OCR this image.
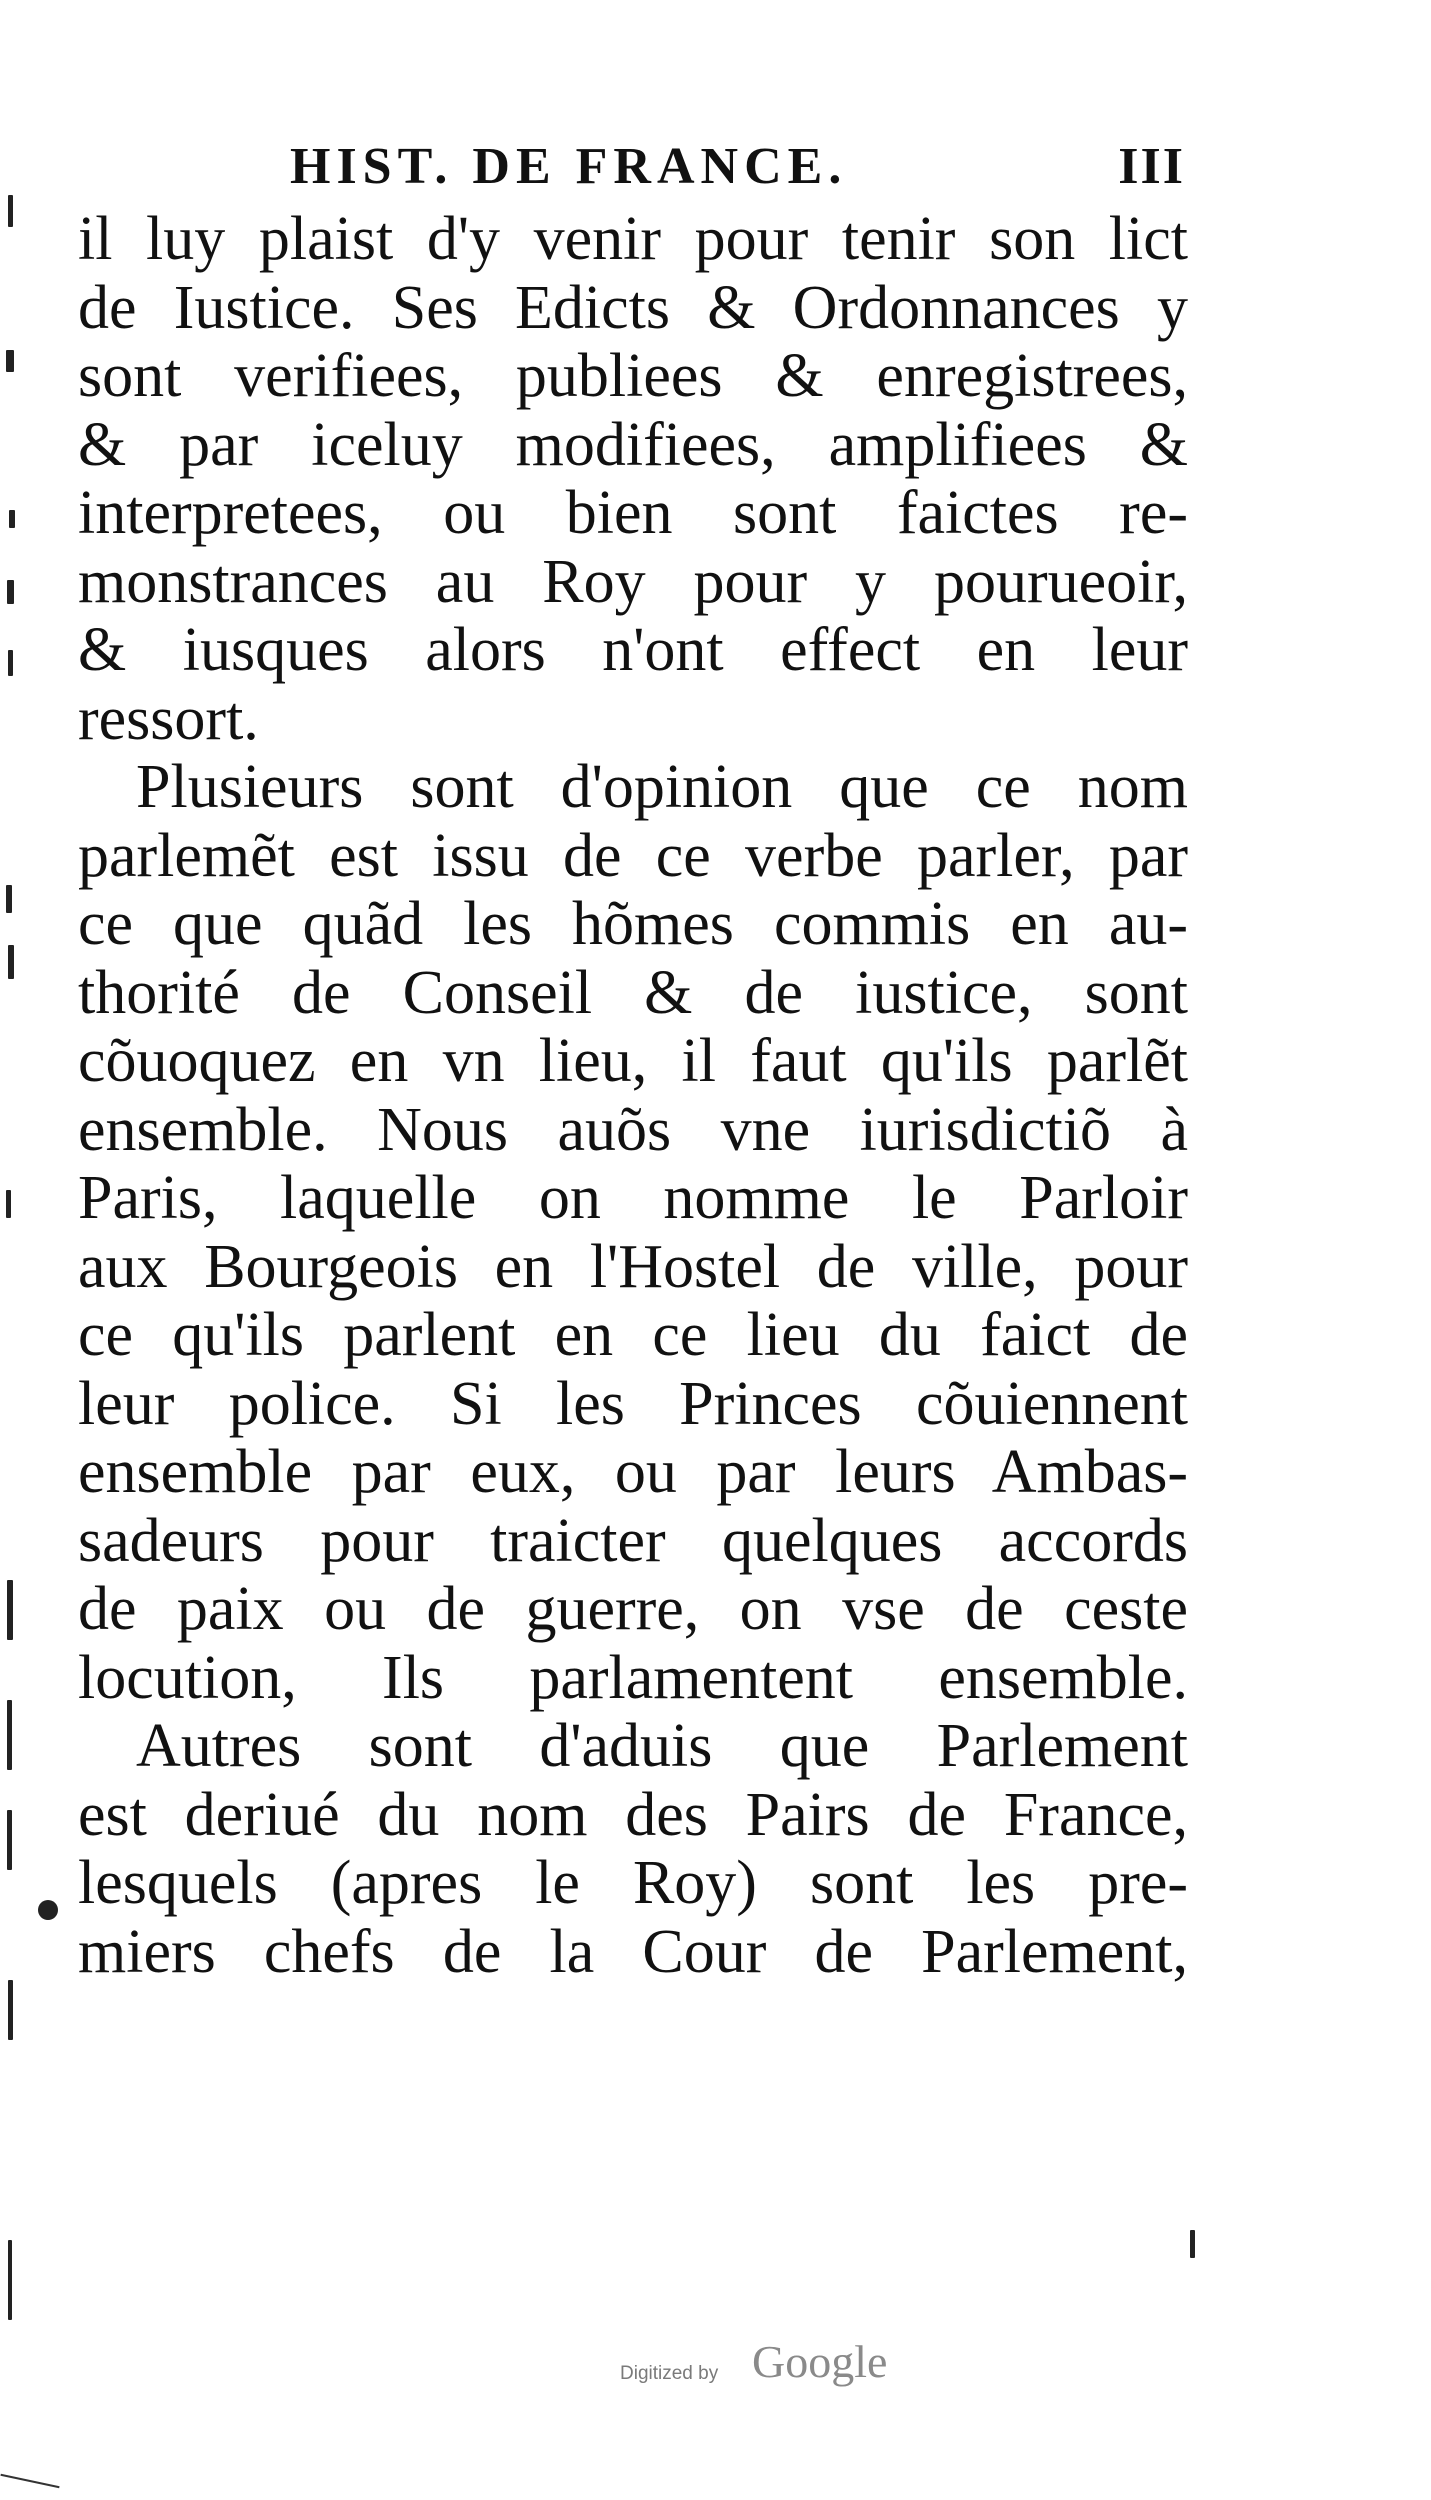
HIST. DE FRANCE.	III
il luy plaist d'y venir pour tenir son lict
de Iustice. Ses Edicts & Ordonnances y
sont verifiees, publiees & enregistrees,
& par iceluy modifiees, amplifiees &
interpretees, ou bien sont faictes re-
monstrances au Roy pour y pourueoir,
& iusques alors n'ont effect en leur
ressort.
Plusieurs sont d'opinion que ce nom
parlemẽt est issu de ce verbe parler, par
ce que quãd les hõmes commis en au-
thorité de Conseil & de iustice, sont
cõuoquez en vn lieu, il faut qu'ils parlẽt
ensemble. Nous auõs vne iurisdictiõ à
Paris, laquelle on nomme le Parloir
aux Bourgeois en l'Hostel de ville, pour
ce qu'ils parlent en ce lieu du faict de
leur police. Si les Princes cõuiennent
ensemble par eux, ou par leurs Ambas-
sadeurs pour traicter quelques accords
de paix ou de guerre, on vse de ceste
locution, Ils parlamentent ensemble.
Autres sont d'aduis que Parlement
est deriué du nom des Pairs de France,
lesquels (apres le Roy) sont les pre-
miers chefs de la Cour de Parlement,
Digitized by Google
